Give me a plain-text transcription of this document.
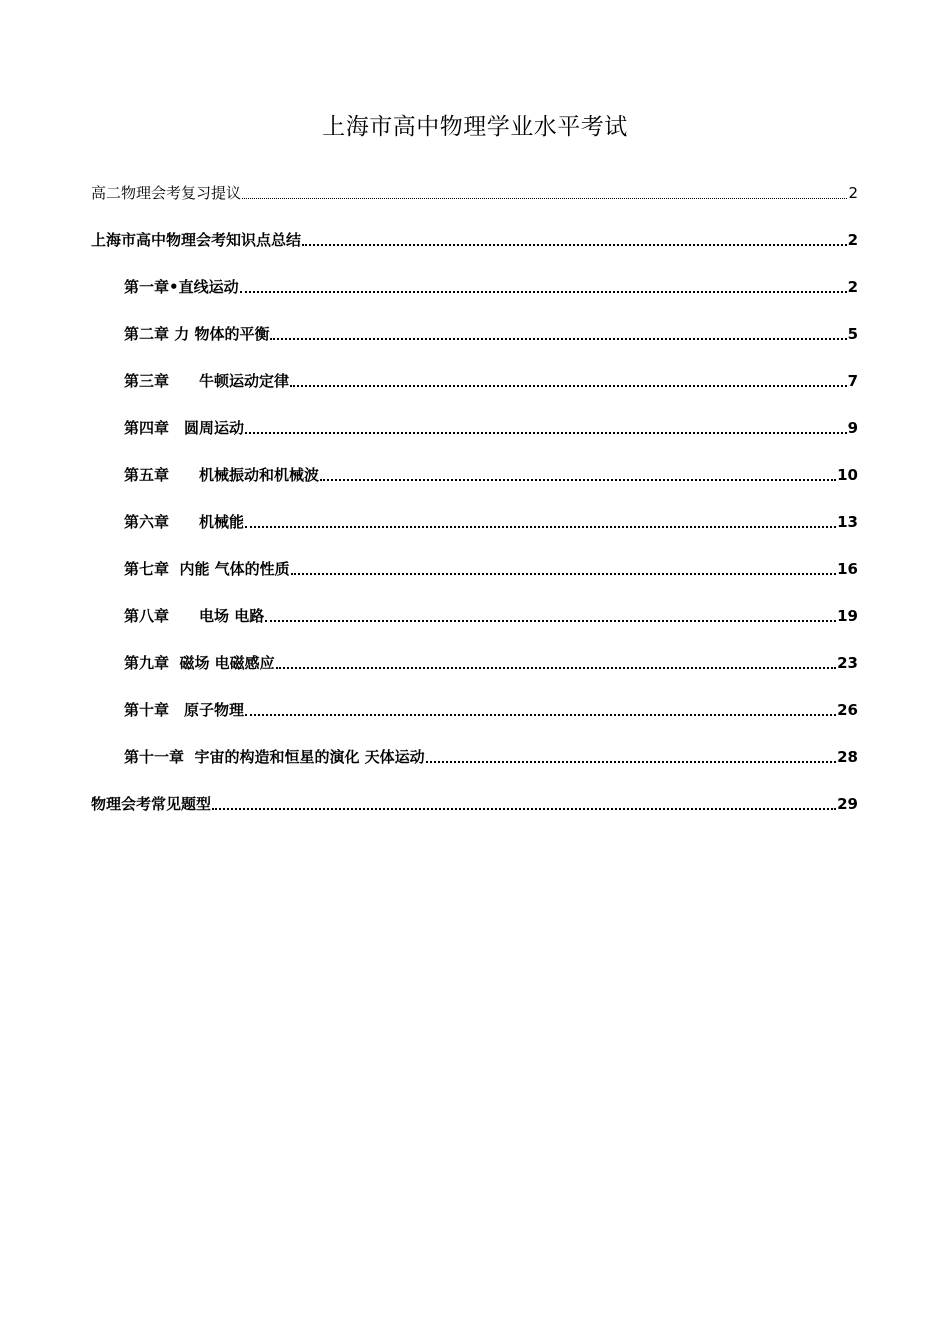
上海市高中物理学业水平考试
高二物理会考复习提议	2
上海市高中物理会考知识点总结	2
第一章•直线运动	2
第二章 力 物体的平衡	5
第三章　　牛顿运动定律	7
第四章　圆周运动	9
第五章　　机械振动和机械波	10
第六章　　机械能	13
第七章  内能 气体的性质	16
第八章　　电场 电路	19
第九章  磁场 电磁感应	23
第十章　原子物理	26
第十一章  宇宙的构造和恒星的演化 天体运动	28
物理会考常见题型	29
